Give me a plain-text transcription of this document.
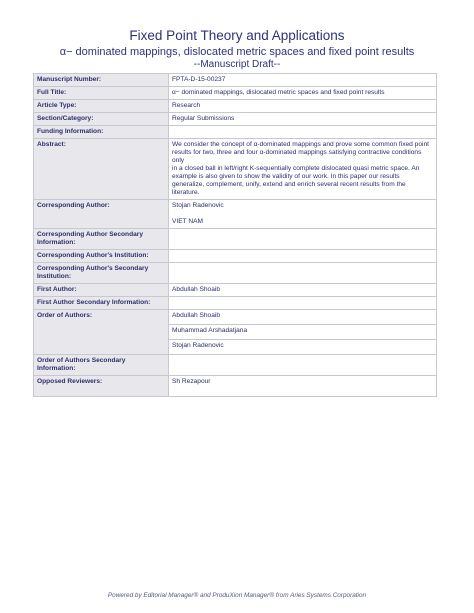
Fixed Point Theory and Applications
α− dominated mappings, dislocated metric spaces and fixed point results
--Manuscript Draft--
Manuscript Number:	FPTA-D-15-00237
Full Title:	α− dominated mappings, dislocated metric spaces and fixed point results
Article Type:	Research
Section/Category:	Regular Submissions
Funding Information:	
Abstract:	We consider the concept of α-dominated mappings and prove some common fixed point results for two, three and four α-dominated mappings satisfying contractive conditions only
in a closed ball in left/right K-sequentially complete dislocated quasi metric space. An example is also given to show the validity of our work. In this paper our results generalize, complement, unify, extend and enrich several recent results from the literature.

Corresponding Author:	Stojan Radenovic
VIET NAM

Corresponding Author Secondary Information:	
Corresponding Author's Institution:	
Corresponding Author's Secondary Institution:	
First Author:	Abdullah Shoaib
First Author Secondary Information:	
Order of Authors:	Abdullah Shoaib
	Muhammad Arshadatjana
	Stojan Radenovic
Order of Authors Secondary Information:	
Opposed Reviewers:	Sh Rezapour
Powered by Editorial Manager® and ProduXion Manager® from Aries Systems Corporation
